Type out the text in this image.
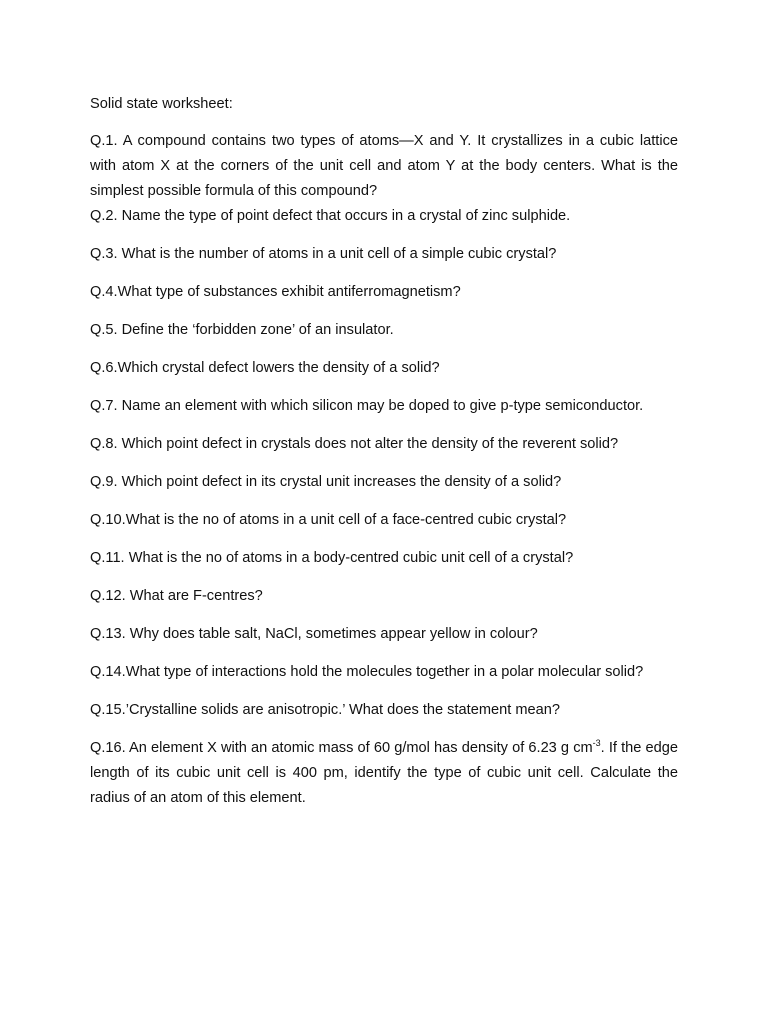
Solid state worksheet:

Q.1. A compound contains two types of atoms—X and Y. It crystallizes in a cubic lattice with atom X at the corners of the unit cell and atom Y at the body centers. What is the simplest possible formula of this compound?

Q.2. Name the type of point defect that occurs in a crystal of zinc sulphide.

Q.3. What is the number of atoms in a unit cell of a simple cubic crystal?

Q.4.What type of substances exhibit antiferromagnetism?

Q.5. Define the ‘forbidden zone’ of an insulator.

Q.6.Which crystal defect lowers the density of a solid?

Q.7. Name an element with which silicon may be doped to give p-type semiconductor.

Q.8. Which point defect in crystals does not alter the density of the reverent solid?

Q.9. Which point defect in its crystal unit increases the density of a solid?

Q.10.What is the no of atoms in a unit cell of a face-centred cubic crystal?

Q.11. What is the no of atoms in a body-centred cubic unit cell of a crystal?

Q.12. What are F-centres?

Q.13. Why does table salt, NaCl, sometimes appear yellow in colour?

Q.14.What type of interactions hold the molecules together in a polar molecular solid?

Q.15.’Crystalline solids are anisotropic.’ What does the statement mean?

Q.16. An element X with an atomic mass of 60 g/mol has density of 6.23 g $cm^{-3}$. If the edge length of its cubic unit cell is 400 pm, identify the type of cubic unit cell. Calculate the radius of an atom of this element.
